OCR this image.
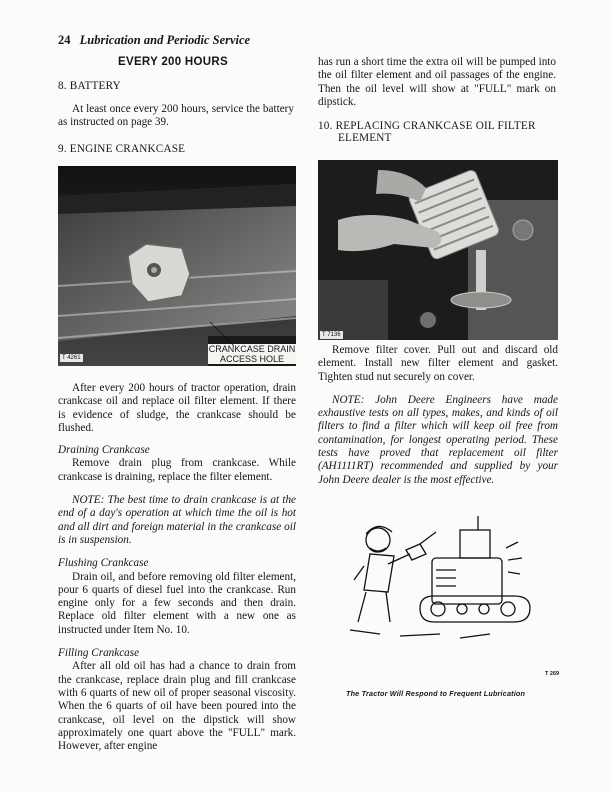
24 Lubrication and Periodic Service
EVERY 200 HOURS
8. BATTERY

At least once every 200 hours, service the battery as instructed on page 39.

9. ENGINE CRANKCASE
T 4261
CRANKCASE DRAIN
ACCESS HOLE

After every 200 hours of tractor operation, drain crankcase oil and replace oil filter element. If there is evidence of sludge, the crankcase should be flushed.

Draining Crankcase

Remove drain plug from crankcase. While crankcase is draining, replace the filter element.

NOTE: The best time to drain crankcase is at the end of a day's operation at which time the oil is hot and all dirt and foreign material in the crankcase oil is in suspension.

Flushing Crankcase

Drain oil, and before removing old filter element, pour 6 quarts of diesel fuel into the crankcase. Run engine only for a few seconds and then drain. Replace old filter element with a new one as instructed under Item No. 10.

Filling Crankcase

After all old oil has had a chance to drain from the crankcase, replace drain plug and fill crankcase with 6 quarts of new oil of proper seasonal viscosity. When the 6 quarts of oil have been poured into the crankcase, oil level on the dipstick will show approximately one quart above the "FULL" mark. However, after engine

has run a short time the extra oil will be pumped into the oil filter element and oil passages of the engine. Then the oil level will show at "FULL" mark on dipstick.

10. REPLACING CRANKCASE OIL FILTER
ELEMENT
T 7136

Remove filter cover. Pull out and discard old element. Install new filter element and gasket. Tighten stud nut securely on cover.

NOTE: John Deere Engineers have made exhaustive tests on all types, makes, and kinds of oil filters to find a filter which will keep oil free from contamination, for longest operating period. These tests have proved that replacement oil filter (AH1111RT) recommended and supplied by your John Deere dealer is the most effective.

T 269
The Tractor Will Respond to Frequent Lubrication
